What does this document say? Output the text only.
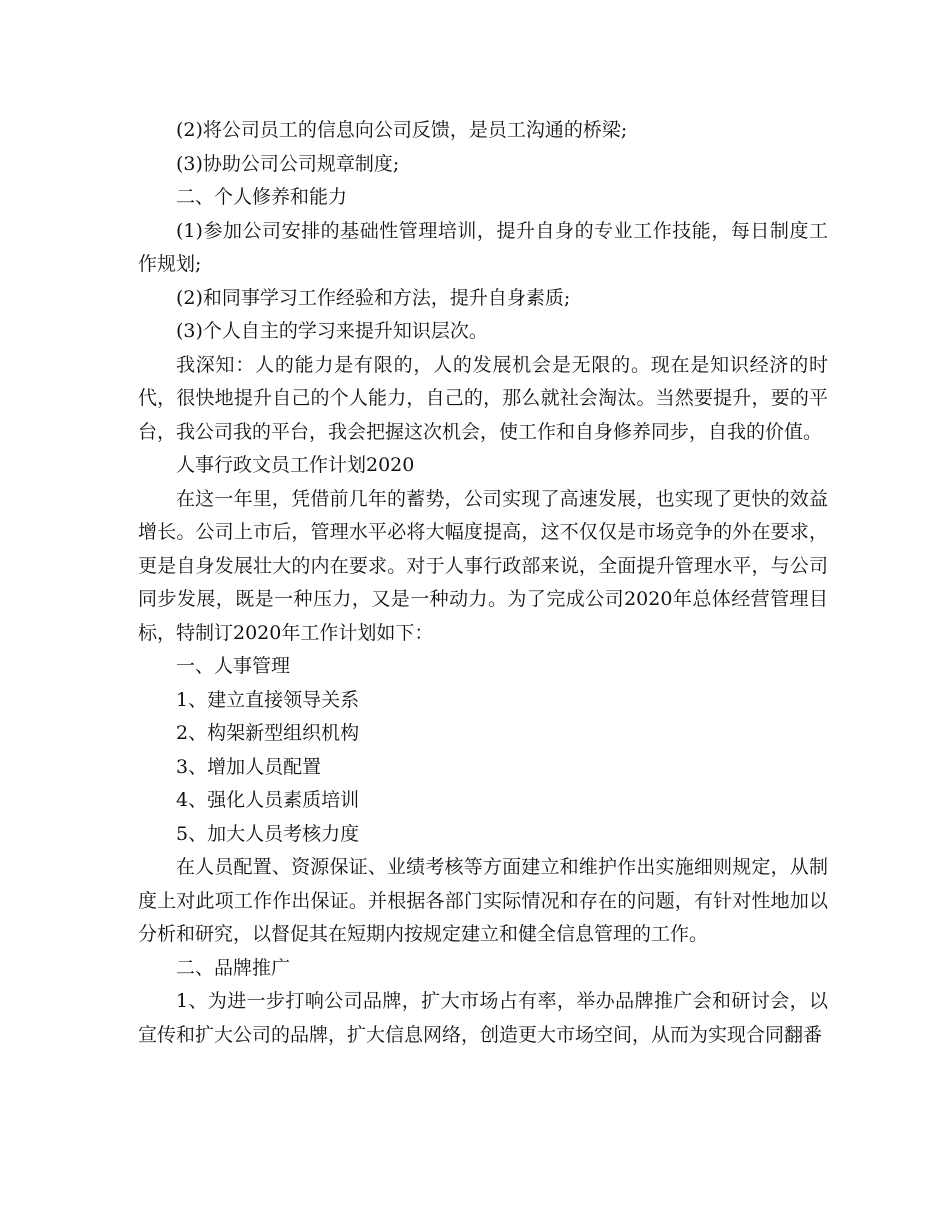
(2)将公司员工的信息向公司反馈，是员工沟通的桥梁;

(3)协助公司公司规章制度;

二、个人修养和能力

(1)参加公司安排的基础性管理培训，提升自身的专业工作技能，每日制度工作规划;

(2)和同事学习工作经验和方法，提升自身素质;

(3)个人自主的学习来提升知识层次。

我深知：人的能力是有限的，人的发展机会是无限的。现在是知识经济的时代，很快地提升自己的个人能力，自己的，那么就社会淘汰。当然要提升，要的平台，我公司我的平台，我会把握这次机会，使工作和自身修养同步，自我的价值。

人事行政文员工作计划2020

在这一年里，凭借前几年的蓄势，公司实现了高速发展，也实现了更快的效益增长。公司上市后，管理水平必将大幅度提高，这不仅仅是市场竞争的外在要求，更是自身发展壮大的内在要求。对于人事行政部来说，全面提升管理水平，与公司同步发展，既是一种压力，又是一种动力。为了完成公司2020年总体经营管理目标，特制订2020年工作计划如下：

一、人事管理

1、建立直接领导关系

2、构架新型组织机构

3、增加人员配置

4、强化人员素质培训

5、加大人员考核力度

在人员配置、资源保证、业绩考核等方面建立和维护作出实施细则规定，从制度上对此项工作作出保证。并根据各部门实际情况和存在的问题，有针对性地加以分析和研究，以督促其在短期内按规定建立和健全信息管理的工作。

二、品牌推广

1、为进一步打响公司品牌，扩大市场占有率，举办品牌推广会和研讨会，以宣传和扩大公司的品牌，扩大信息网络，创造更大市场空间，从而为实现合同翻番
